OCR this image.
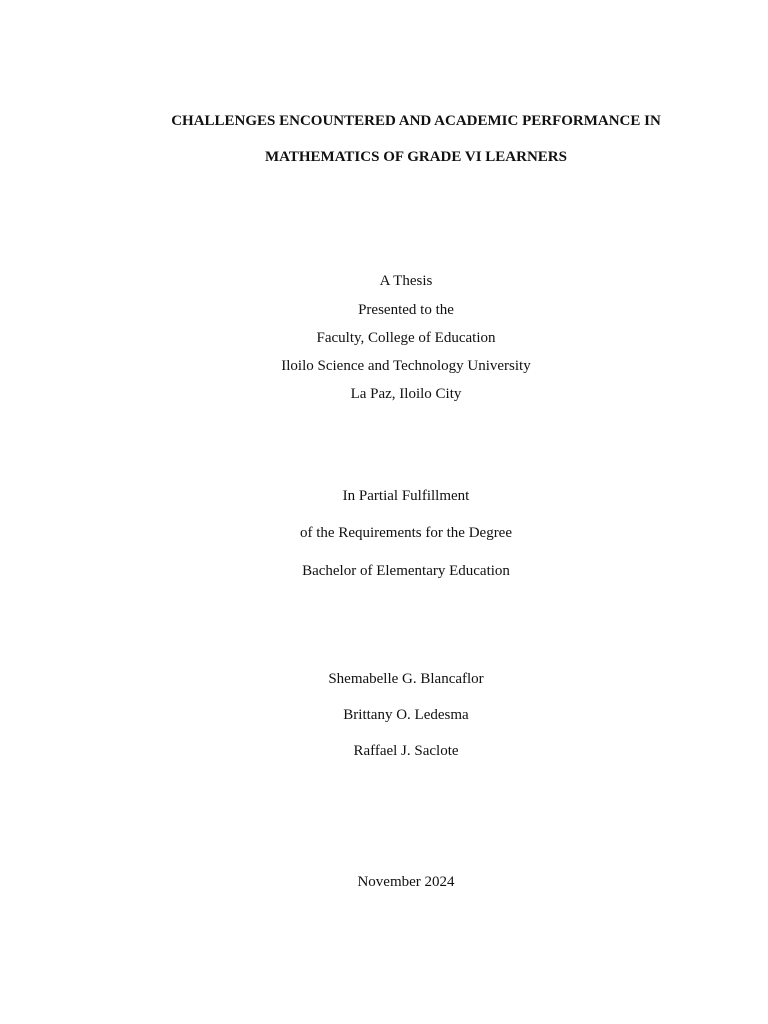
CHALLENGES ENCOUNTERED AND ACADEMIC PERFORMANCE IN
MATHEMATICS OF GRADE VI LEARNERS
A Thesis
Presented to the
Faculty, College of Education
Iloilo Science and Technology University
La Paz, Iloilo City
In Partial Fulfillment
of the Requirements for the Degree
Bachelor of Elementary Education
Shemabelle G. Blancaflor
Brittany O. Ledesma
Raffael J. Saclote
November 2024
